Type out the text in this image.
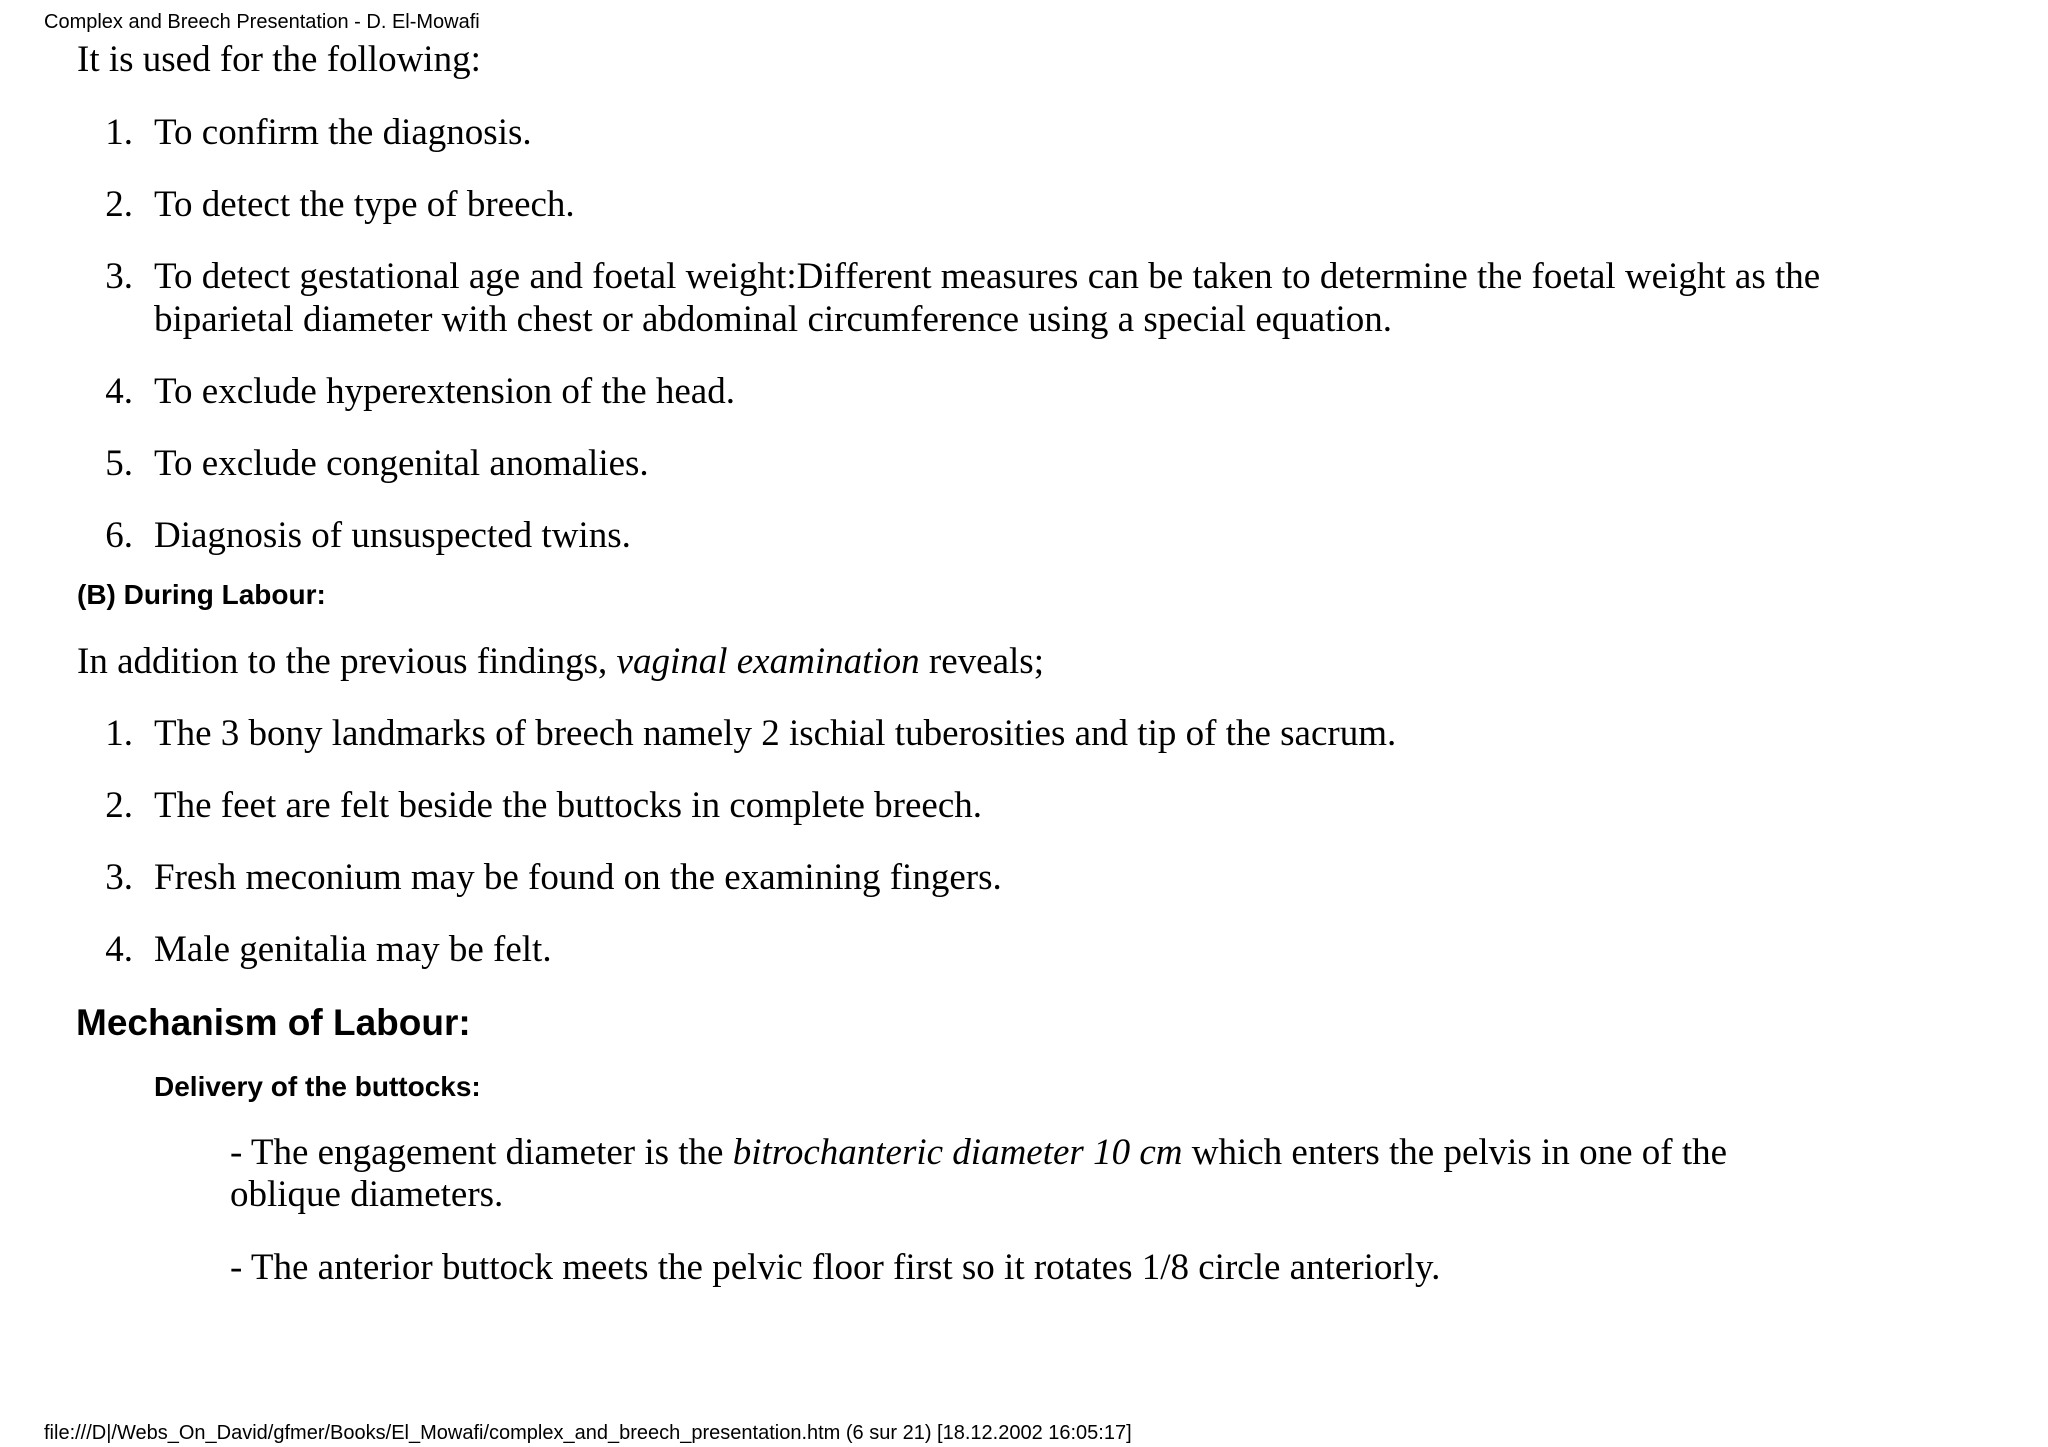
Complex and Breech Presentation - D. El-Mowafi
It is used for the following:
1. To confirm the diagnosis.
2. To detect the type of breech.
3. To detect gestational age and foetal weight:Different measures can be taken to determine the foetal weight as the
biparietal diameter with chest or abdominal circumference using a special equation.
4. To exclude hyperextension of the head.
5. To exclude congenital anomalies.
6. Diagnosis of unsuspected twins.
(B) During Labour:
In addition to the previous findings, vaginal examination reveals;
1. The 3 bony landmarks of breech namely 2 ischial tuberosities and tip of the sacrum.
2. The feet are felt beside the buttocks in complete breech.
3. Fresh meconium may be found on the examining fingers.
4. Male genitalia may be felt.
Mechanism of Labour:
Delivery of the buttocks:
- The engagement diameter is the bitrochanteric diameter 10 cm which enters the pelvis in one of the
oblique diameters.
- The anterior buttock meets the pelvic floor first so it rotates 1/8 circle anteriorly.
file:///D|/Webs_On_David/gfmer/Books/El_Mowafi/complex_and_breech_presentation.htm (6 sur 21) [18.12.2002 16:05:17]
